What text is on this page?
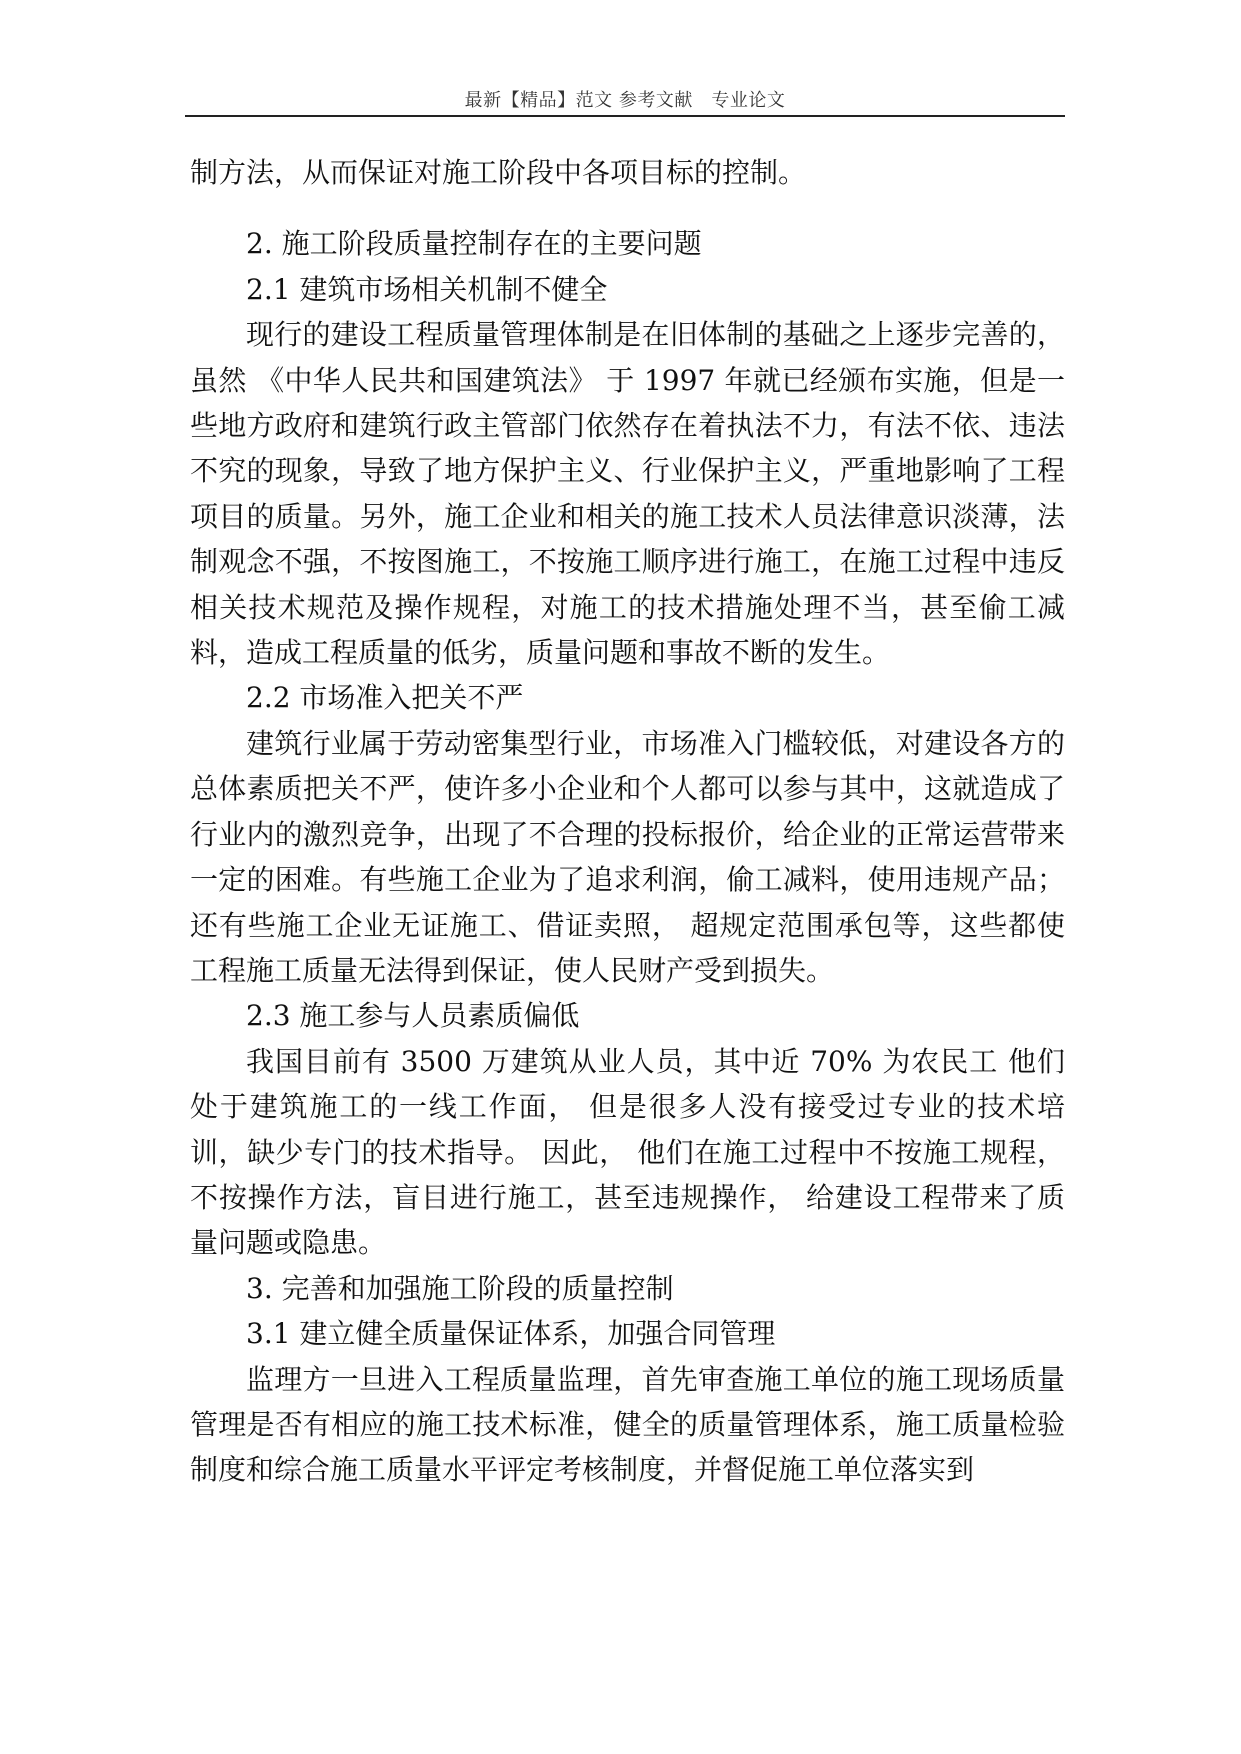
最新【精品】范文 参考文献　专业论文

制方法，从而保证对施工阶段中各项目标的控制。

2. 施工阶段质量控制存在的主要问题

2.1 建筑市场相关机制不健全

现行的建设工程质量管理体制是在旧体制的基础之上逐步完善的， 虽然 《中华人民共和国建筑法》 于 1997 年就已经颁布实施，但是一些地方政府和建筑行政主管部门依然存在着执法不力，有法不依、违法不究的现象，导致了地方保护主义、行业保护主义，严重地影响了工程项目的质量。另外，施工企业和相关的施工技术人员法律意识淡薄，法制观念不强，不按图施工，不按施工顺序进行施工，在施工过程中违反相关技术规范及操作规程，对施工的技术措施处理不当，甚至偷工减料，造成工程质量的低劣，质量问题和事故不断的发生。

2.2 市场准入把关不严

建筑行业属于劳动密集型行业，市场准入门槛较低，对建设各方的总体素质把关不严，使许多小企业和个人都可以参与其中，这就造成了行业内的激烈竞争，出现了不合理的投标报价，给企业的正常运营带来一定的困难。有些施工企业为了追求利润，偷工减料，使用违规产品；还有些施工企业无证施工、借证卖照， 超规定范围承包等，这些都使工程施工质量无法得到保证，使人民财产受到损失。

2.3 施工参与人员素质偏低

我国目前有 3500 万建筑从业人员，其中近 70% 为农民工 他们处于建筑施工的一线工作面， 但是很多人没有接受过专业的技术培训，缺少专门的技术指导。 因此， 他们在施工过程中不按施工规程，不按操作方法，盲目进行施工，甚至违规操作， 给建设工程带来了质量问题或隐患。

3. 完善和加强施工阶段的质量控制

3.1 建立健全质量保证体系，加强合同管理

监理方一旦进入工程质量监理，首先审查施工单位的施工现场质量管理是否有相应的施工技术标准，健全的质量管理体系，施工质量检验制度和综合施工质量水平评定考核制度，并督促施工单位落实到
